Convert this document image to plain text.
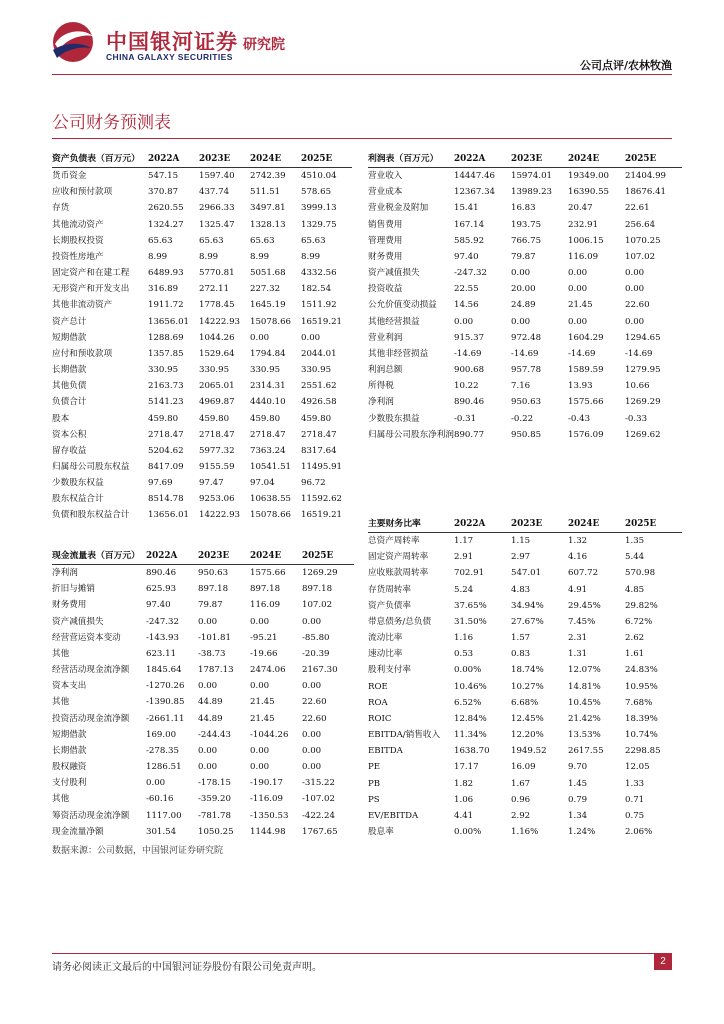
中国银河证券 研究院
CHINA GALAXY SECURITIES
公司点评/农林牧渔
公司财务预测表
资产负债表（百万元）	2022A	2023E	2024E	2025E
货币资金	547.15	1597.40	2742.39	4510.04
应收和预付款项	370.87	437.74	511.51	578.65
存货	2620.55	2966.33	3497.81	3999.13
其他流动资产	1324.27	1325.47	1328.13	1329.75
长期股权投资	65.63	65.63	65.63	65.63
投资性房地产	8.99	8.99	8.99	8.99
固定资产和在建工程	6489.93	5770.81	5051.68	4332.56
无形资产和开发支出	316.89	272.11	227.32	182.54
其他非流动资产	1911.72	1778.45	1645.19	1511.92
资产总计	13656.01	14222.93	15078.66	16519.21
短期借款	1288.69	1044.26	0.00	0.00
应付和预收款项	1357.85	1529.64	1794.84	2044.01
长期借款	330.95	330.95	330.95	330.95
其他负债	2163.73	2065.01	2314.31	2551.62
负债合计	5141.23	4969.87	4440.10	4926.58
股本	459.80	459.80	459.80	459.80
资本公积	2718.47	2718.47	2718.47	2718.47
留存收益	5204.62	5977.32	7363.24	8317.64
归属母公司股东权益	8417.09	9155.59	10541.51	11495.91
少数股东权益	97.69	97.47	97.04	96.72
股东权益合计	8514.78	9253.06	10638.55	11592.62
负债和股东权益合计	13656.01	14222.93	15078.66	16519.21
利润表（百万元）	2022A	2023E	2024E	2025E
营业收入	14447.46	15974.01	19349.00	21404.99
营业成本	12367.34	13989.23	16390.55	18676.41
营业税金及附加	15.41	16.83	20.47	22.61
销售费用	167.14	193.75	232.91	256.64
管理费用	585.92	766.75	1006.15	1070.25
财务费用	97.40	79.87	116.09	107.02
资产减值损失	-247.32	0.00	0.00	0.00
投资收益	22.55	20.00	0.00	0.00
公允价值变动损益	14.56	24.89	21.45	22.60
其他经营损益	0.00	0.00	0.00	0.00
营业利润	915.37	972.48	1604.29	1294.65
其他非经营损益	-14.69	-14.69	-14.69	-14.69
利润总额	900.68	957.78	1589.59	1279.95
所得税	10.22	7.16	13.93	10.66
净利润	890.46	950.63	1575.66	1269.29
少数股东损益	-0.31	-0.22	-0.43	-0.33
归属母公司股东净利润	890.77	950.85	1576.09	1269.62
现金流量表（百万元）	2022A	2023E	2024E	2025E
净利润	890.46	950.63	1575.66	1269.29
折旧与摊销	625.93	897.18	897.18	897.18
财务费用	97.40	79.87	116.09	107.02
资产减值损失	-247.32	0.00	0.00	0.00
经营营运资本变动	-143.93	-101.81	-95.21	-85.80
其他	623.11	-38.73	-19.66	-20.39
经营活动现金流净额	1845.64	1787.13	2474.06	2167.30
资本支出	-1270.26	0.00	0.00	0.00
其他	-1390.85	44.89	21.45	22.60
投资活动现金流净额	-2661.11	44.89	21.45	22.60
短期借款	169.00	-244.43	-1044.26	0.00
长期借款	-278.35	0.00	0.00	0.00
股权融资	1286.51	0.00	0.00	0.00
支付股利	0.00	-178.15	-190.17	-315.22
其他	-60.16	-359.20	-116.09	-107.02
筹资活动现金流净额	1117.00	-781.78	-1350.53	-422.24
现金流量净额	301.54	1050.25	1144.98	1767.65
主要财务比率	2022A	2023E	2024E	2025E
总资产周转率	1.17	1.15	1.32	1.35
固定资产周转率	2.91	2.97	4.16	5.44
应收账款周转率	702.91	547.01	607.72	570.98
存货周转率	5.24	4.83	4.91	4.85
资产负债率	37.65%	34.94%	29.45%	29.82%
带息债务/总负债	31.50%	27.67%	7.45%	6.72%
流动比率	1.16	1.57	2.31	2.62
速动比率	0.53	0.83	1.31	1.61
股利支付率	0.00%	18.74%	12.07%	24.83%
ROE	10.46%	10.27%	14.81%	10.95%
ROA	6.52%	6.68%	10.45%	7.68%
ROIC	12.84%	12.45%	21.42%	18.39%
EBITDA/销售收入	11.34%	12.20%	13.53%	10.74%
EBITDA	1638.70	1949.52	2617.55	2298.85
PE	17.17	16.09	9.70	12.05
PB	1.82	1.67	1.45	1.33
PS	1.06	0.96	0.79	0.71
EV/EBITDA	4.41	2.92	1.34	0.75
股息率	0.00%	1.16%	1.24%	2.06%
数据来源：公司数据，中国银河证券研究院
请务必阅读正文最后的中国银河证券股份有限公司免责声明。
2
